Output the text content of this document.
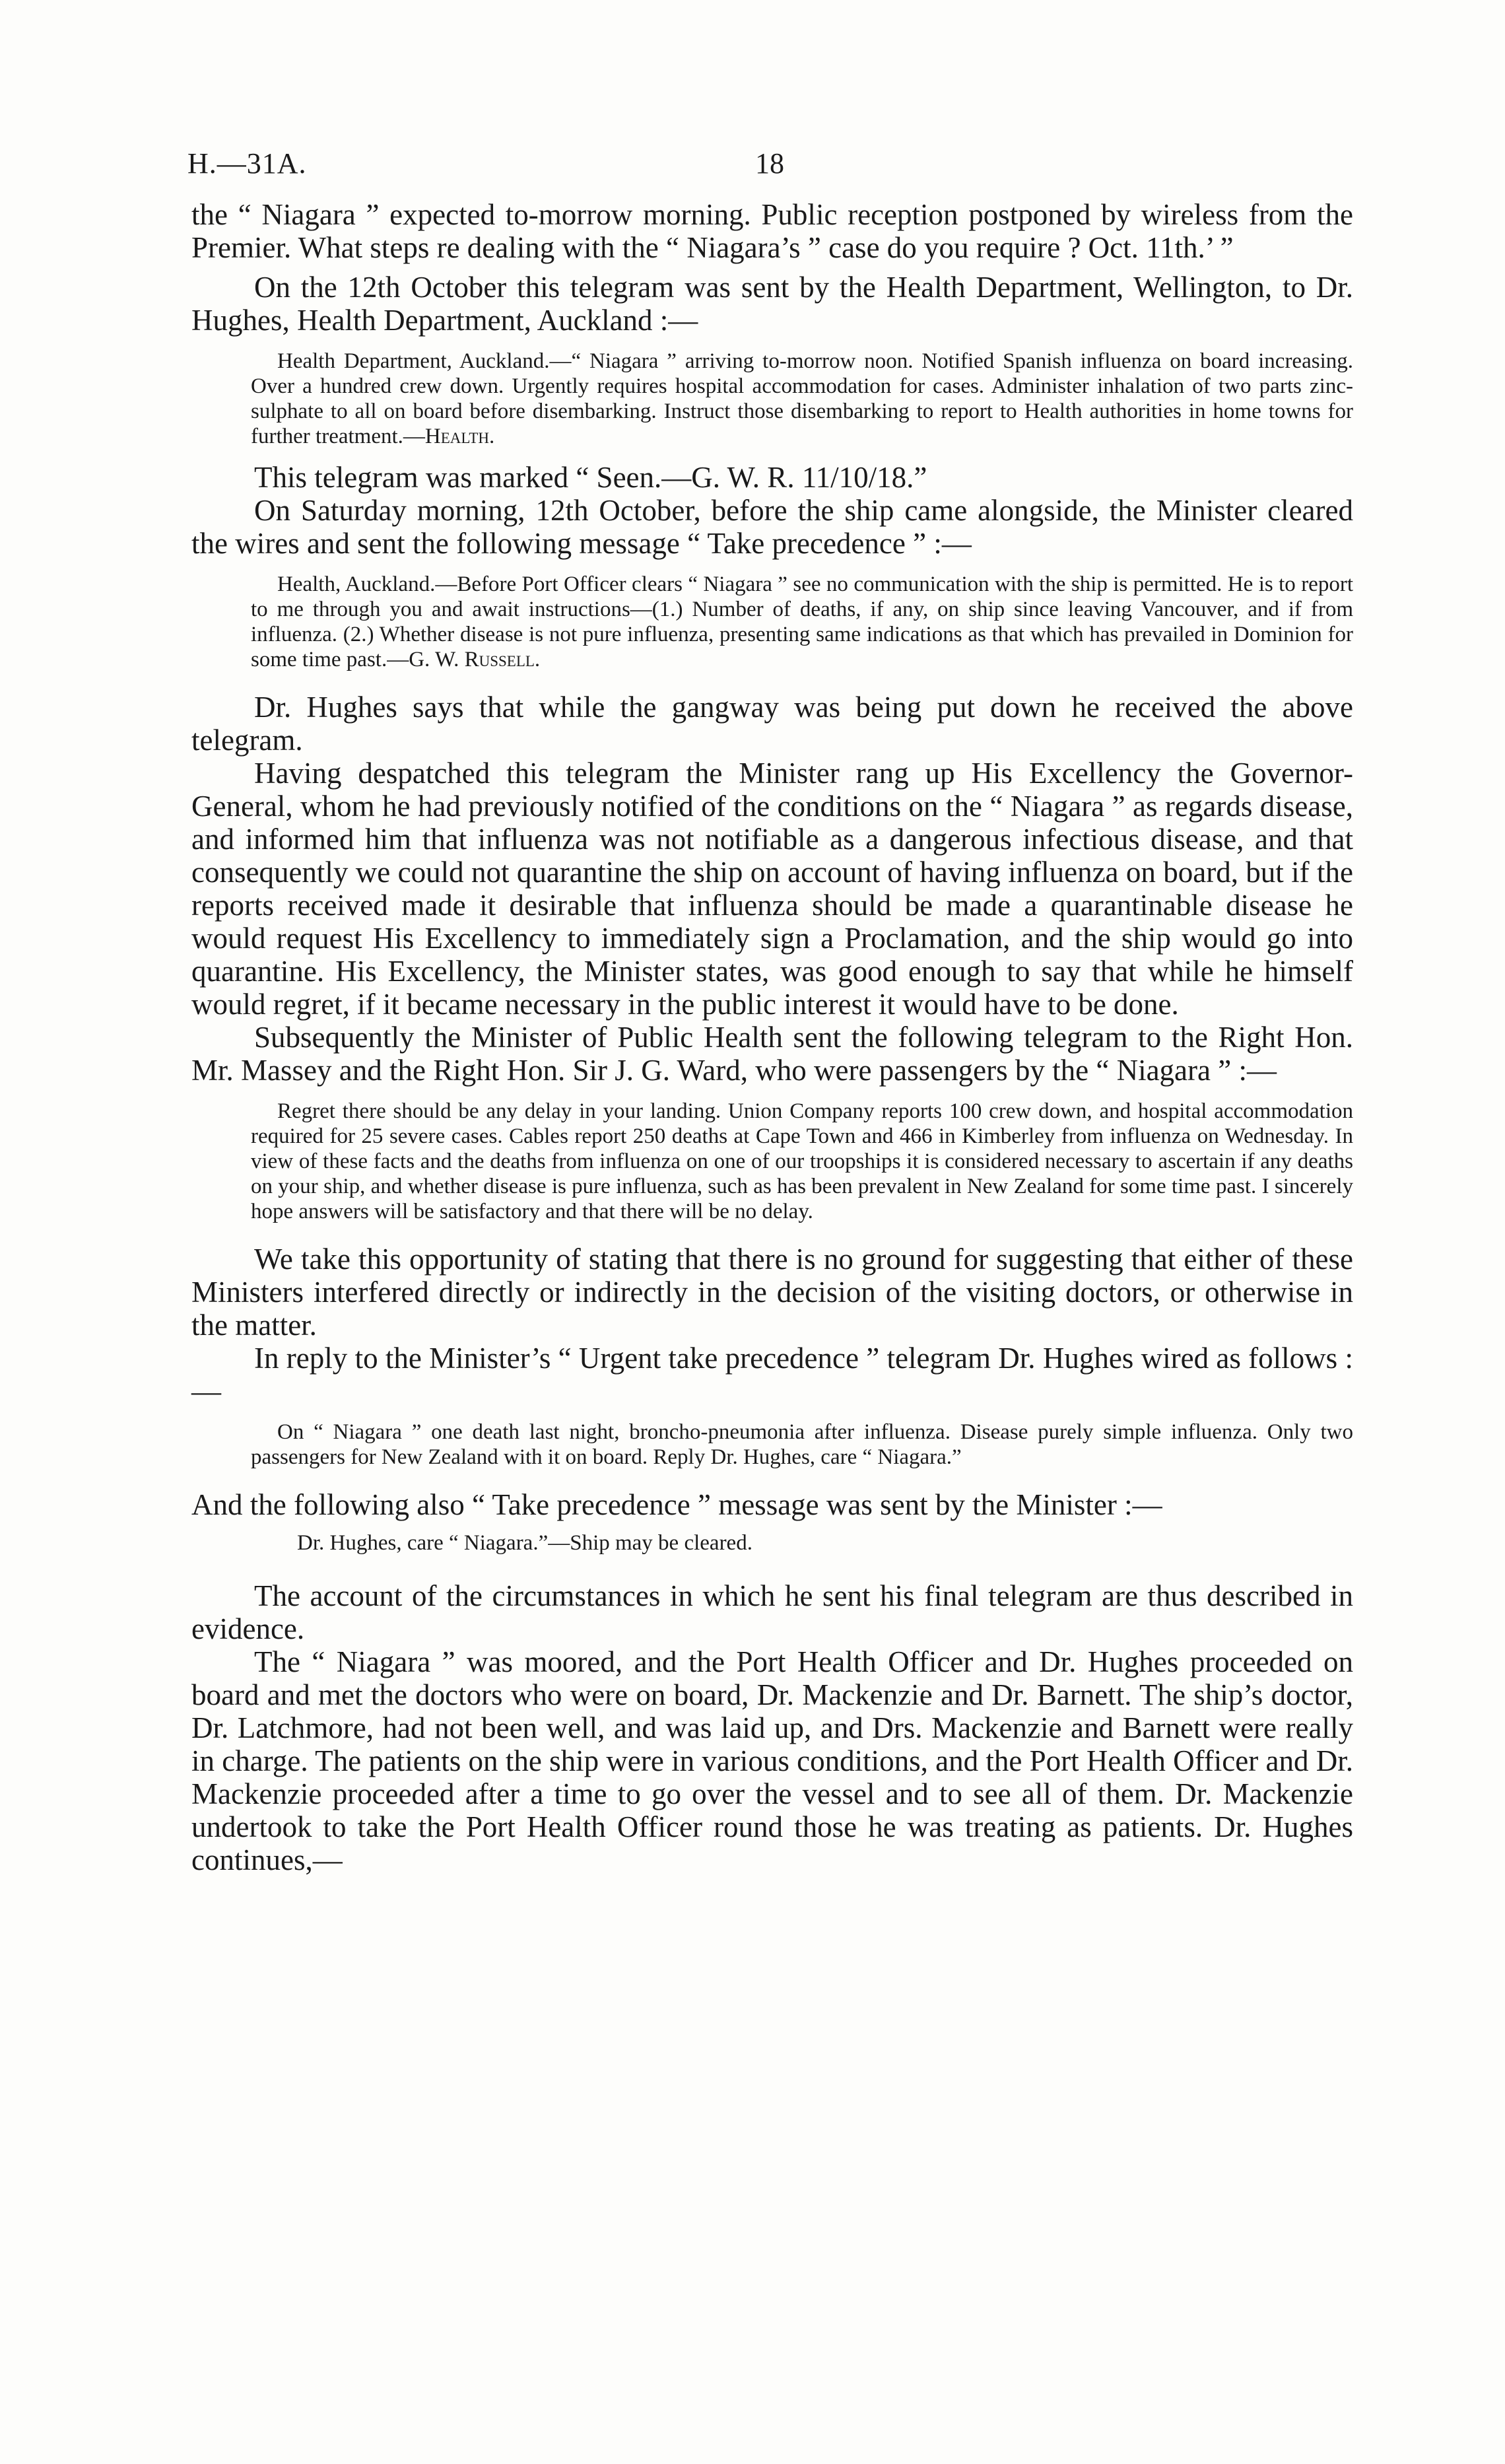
H.—31A.	18

the “ Niagara ” expected to-morrow morning. Public reception postponed by wireless from the Premier. What steps re dealing with the “ Niagara’s ” case do you require ? Oct. 11th.’ ”

On the 12th October this telegram was sent by the Health Department, Wellington, to Dr. Hughes, Health Department, Auckland :—

Health Department, Auckland.—“ Niagara ” arriving to-morrow noon. Notified Spanish influenza on board increasing. Over a hundred crew down. Urgently requires hospital accommodation for cases. Administer inhalation of two parts zinc-sulphate to all on board before disembarking. Instruct those disembarking to report to Health authorities in home towns for further treatment.—Health.

This telegram was marked “ Seen.—G. W. R. 11/10/18.”

On Saturday morning, 12th October, before the ship came alongside, the Minister cleared the wires and sent the following message “ Take precedence ” :—

Health, Auckland.—Before Port Officer clears “ Niagara ” see no communication with the ship is permitted. He is to report to me through you and await instructions—(1.) Number of deaths, if any, on ship since leaving Vancouver, and if from influenza. (2.) Whether disease is not pure influenza, presenting same indications as that which has prevailed in Dominion for some time past.—G. W. Russell.

Dr. Hughes says that while the gangway was being put down he received the above telegram.

Having despatched this telegram the Minister rang up His Excellency the Governor-General, whom he had previously notified of the conditions on the “ Niagara ” as regards disease, and informed him that influenza was not notifiable as a dangerous infectious disease, and that consequently we could not quarantine the ship on account of having influenza on board, but if the reports received made it desirable that influenza should be made a quarantinable disease he would request His Excellency to immediately sign a Proclamation, and the ship would go into quarantine. His Excellency, the Minister states, was good enough to say that while he himself would regret, if it became necessary in the public interest it would have to be done.

Subsequently the Minister of Public Health sent the following telegram to the Right Hon. Mr. Massey and the Right Hon. Sir J. G. Ward, who were passengers by the “ Niagara ” :—

Regret there should be any delay in your landing. Union Company reports 100 crew down, and hospital accommodation required for 25 severe cases. Cables report 250 deaths at Cape Town and 466 in Kimberley from influenza on Wednesday. In view of these facts and the deaths from influenza on one of our troopships it is considered necessary to ascertain if any deaths on your ship, and whether disease is pure influenza, such as has been prevalent in New Zealand for some time past. I sincerely hope answers will be satisfactory and that there will be no delay.

We take this opportunity of stating that there is no ground for suggesting that either of these Ministers interfered directly or indirectly in the decision of the visiting doctors, or otherwise in the matter.

In reply to the Minister’s “ Urgent take precedence ” telegram Dr. Hughes wired as follows :—

On “ Niagara ” one death last night, broncho-pneumonia after influenza. Disease purely simple influenza. Only two passengers for New Zealand with it on board. Reply Dr. Hughes, care “ Niagara.”

And the following also “ Take precedence ” message was sent by the Minister :—

Dr. Hughes, care “ Niagara.”—Ship may be cleared.

The account of the circumstances in which he sent his final telegram are thus described in evidence.

The “ Niagara ” was moored, and the Port Health Officer and Dr. Hughes proceeded on board and met the doctors who were on board, Dr. Mackenzie and Dr. Barnett. The ship’s doctor, Dr. Latchmore, had not been well, and was laid up, and Drs. Mackenzie and Barnett were really in charge. The patients on the ship were in various conditions, and the Port Health Officer and Dr. Mackenzie proceeded after a time to go over the vessel and to see all of them. Dr. Mackenzie undertook to take the Port Health Officer round those he was treating as patients. Dr. Hughes continues,—
